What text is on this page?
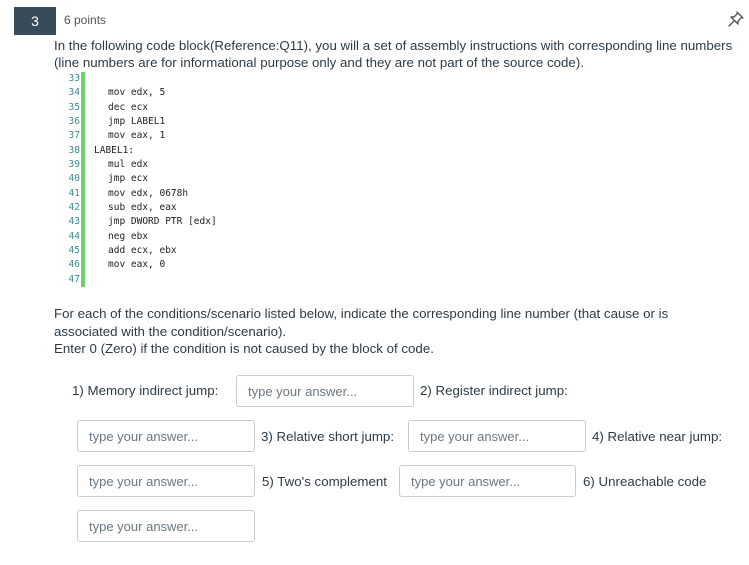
3	6 points
In the following code block(Reference:Q11), you will a set of assembly instructions with corresponding line numbers (line numbers are for informational purpose only and they are not part of the source code).
33
34	mov edx, 5
35	dec ecx
36	jmp LABEL1
37	mov eax, 1
38 LABEL1:
39	mul edx
40	jmp ecx
41	mov edx, 0678h
42	sub edx, eax
43	jmp DWORD PTR [edx]
44	neg ebx
45	add ecx, ebx
46	mov eax, 0
47
For each of the conditions/scenario listed below, indicate the corresponding line number (that cause or is associated with the condition/scenario).
Enter 0 (Zero) if the condition is not caused by the block of code.
1) Memory indirect jump:	type your answer...	2) Register indirect jump:
type your answer...	3) Relative short jump:	type your answer...	4) Relative near jump:
type your answer...	5) Two's complement	type your answer...	6) Unreachable code
type your answer...
